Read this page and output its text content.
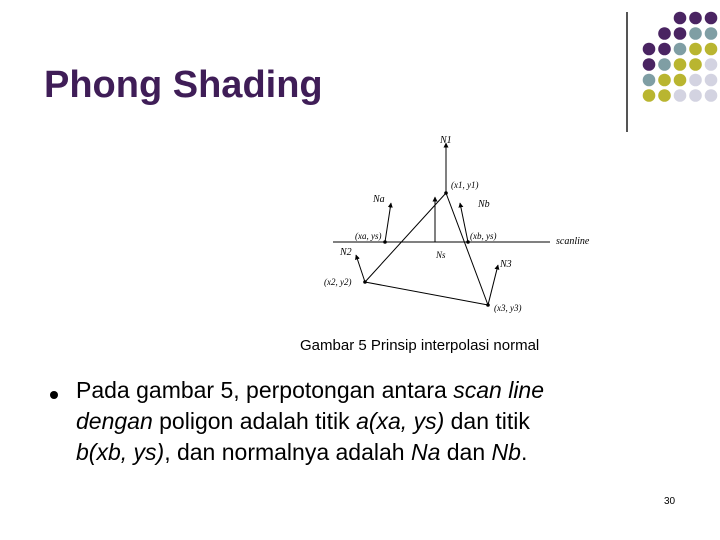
Phong Shading
N1
(x1, y1)
Na	Nb
(xa, ys)	(xb, ys)	scanline
N2	Ns
N3
(x2, y2)
(x3, y3)
Gambar 5 Prinsip interpolasi normal
Pada gambar 5, perpotongan antara scan line
dengan poligon adalah titik a(xa, ys) dan titik
b(xb, ys), dan normalnya adalah Na dan Nb.
30
